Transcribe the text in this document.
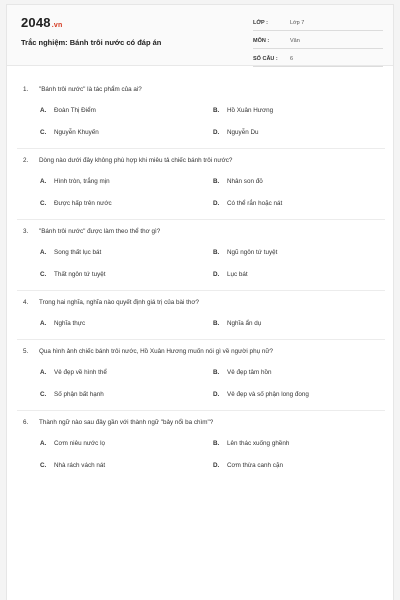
2048.vn
Trắc nghiệm: Bánh trôi nước có đáp án
LỚP :	Lớp 7
MÔN :	Văn
SỐ CÂU : 6
1. "Bánh trôi nước" là tác phẩm của ai?
A. Đoàn Thị Điểm	B. Hồ Xuân Hương
C. Nguyễn Khuyến	D. Nguyễn Du
2. Dòng nào dưới đây không phù hợp khi miêu tả chiếc bánh trôi nước?
A. Hình tròn, trắng mịn	B. Nhân son đỏ
C. Được hấp trên nước	D. Có thể rắn hoặc nát
3. "Bánh trôi nước" được làm theo thể thơ gì?
A. Song thất lục bát	B. Ngũ ngôn tứ tuyệt
C. Thất ngôn tứ tuyệt	D. Lục bát
4. Trong hai nghĩa, nghĩa nào quyết định giá trị của bài thơ?
A. Nghĩa thực	B. Nghĩa ẩn dụ
5. Qua hình ảnh chiếc bánh trôi nước, Hồ Xuân Hương muốn nói gì về người phụ nữ?
A. Vẻ đẹp về hình thể	B. Vẻ đẹp tâm hồn
C. Số phận bất hạnh	D. Vẻ đẹp và số phận long đong
6. Thành ngữ nào sau đây gần với thành ngữ "bảy nổi ba chìm"?
A. Cơm niêu nước lọ	B. Lên thác xuống ghềnh
C. Nhà rách vách nát	D. Cơm thừa canh cặn
